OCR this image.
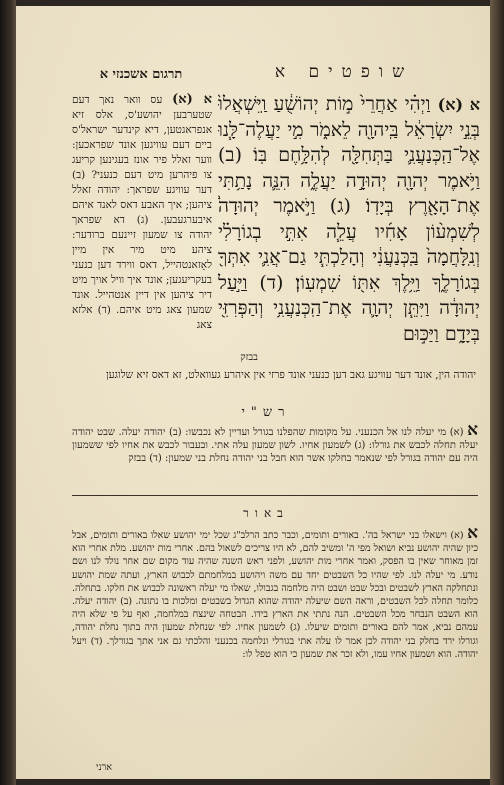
שופטים א
תרגום אשכנזי א
א (א) וַיְהִ֗י אַחֲרֵי֙ מ֣וֹת יְהוֹשֻׁ֔עַ וַֽיִּשְׁאֲלוּ֙ בְּנֵ֣י יִשְׂרָאֵ֔ל בַּֽיהוָ֖ה לֵאמֹ֑ר מִ֣י יַעֲלֶה־לָּ֧נוּ אֶל־הַֽכְּנַעֲנִ֛י בַּתְּחִלָּ֖ה לְהִלָּ֥חֶם בּֽוֹ׃ (ב) וַיֹּ֥אמֶר יְהוָ֖ה יְהוּדָ֣ה יַעֲלֶ֑ה הִנֵּ֛ה נָתַ֥תִּי אֶת־הָאָ֖רֶץ בְּיָדֽוֹ׃ (ג) וַיֹּ֣אמֶר יְהוּדָה֩ לְשִׁמְע֨וֹן אָחִ֜יו עֲלֵ֧ה אִתִּ֣י בְגוֹרָלִ֗י וְנִֽלָּחֲמָה֙ בַּֽכְּנַעֲנִ֔י וְהָלַכְתִּ֧י גַם־אֲנִ֛י אִתְּךָ֖ בְּגוֹרָלֶ֑ךָ וַיֵּ֥לֶךְ אִתּ֖וֹ שִׁמְעֽוֹן׃ (ד) וַיַּ֣עַל יְהוּדָ֔ה וַיִּתֵּ֧ן יְהוָ֛ה אֶת־הַֽכְּנַעֲנִ֥י וְהַפְּרִזִּ֖י בְּיָדָ֑ם וַיַּכּ֣וּם
בבזק
א (א) עס וואר נאך דעם שטערבען יהושע'ס, אלס זיא אנפראגטען, דיא קינדער ישראל'ס ביים דעם עוויגען אונד שפראכען: ווער זאלל פיר אונז בעגינען קריעג צו פיהרען מיט דעם כנעני? (ב) דער עוויגע שפראך: יהודה זאלל ציהען; איך האבע דאס לאנד איהם איבערגעבען. (ג) דא שפראך יהודה צו שמעון זיינעם ברודער: ציהע מיט מיר אין מיין לאָזאנטהייל, דאס ווירד דען כנעני בעקריעגען; אונד איך וויל אויך מיט דיר ציהען אין דיין אנטהייל. אונד שמעון צאג מיט איהם. (ד) אלזא צאג
יהודה הין, אונד דער עוויגע גאב דען כנעני אונד פרזי אין איהרע געוואלט, זא דאס זיא שלוגען
רש"י
א (א) מי יעלה לנו אל הכנעני. על מקומות שהפלנו בגורל ועדיין לא נכבשו: (ב) יהודה יעלה. שבט יהודה יעלה תחלה לכבש את גורלו: (ג) לשמעון אחיו. לשון שמעון עלה אתי. ובעבור לכבש את אחיו לפי ששמעון היה עם יהודה בגורל לפי שנאמר בחלקו אשר הוא חבל בני יהודה נחלת בני שמעון: (ד) בבזק
באור
א (א) וישאלו בני ישראל בה'. באורים ותומים, וכבר כתב הרלב"ג שכל ימי יהושע שאלו באורים ותומים, אבל כיון שהיה יהושע נביא ושואל מפי ה' ומשיב להם, לא היו צריכים לשאול בהם. אחרי מות יהושע. מלת אחרי הוא זמן מאוחר שאין בו הפסק, ואמר אחרי מות יהושע, ולפני ראש השנה שהיה עוד מקום שם אחר נולד לנו ושם נודע. מי יעלה לנו. לפי שהיו כל השבטים יחד עם משה ויהושע במלחמתם לכבוש הארץ, ועתה שמת יהושע ונתחלקה הארץ לשבטים ובכל שבט ושבט היה מלחמה בגבולו, שאלו מי יעלה ראשונה לכבוש את חלקו. בתחלה. כלומר תחלה לכל השבטים, וראה השם שיעלה יהודה שהוא הגדול בשבטים ומלכות בו נתונה. (ב) יהודה יעלה. הוא השבט הנבחר מכל השבטים. הנה נתתי את הארץ בידו. הבטחה שינצח במלחמה, ואף על פי שלא היה עמהם נביא, אמר להם באורים ותומים שיעלו. (ג) לשמעון אחיו. לפי שנחלת שמעון היה בתוך נחלת יהודה, וגורלו ירד בחלק בני יהודה לכן אמר לו עלה אתי בגורלי ונלחמה בכנעני והלכתי גם אני אתך בגורלך. (ד) ויעל יהודה. הוא ושמעון אחיו עמו, ולא זכר את שמעון כי הוא טפל לו:
ארני
